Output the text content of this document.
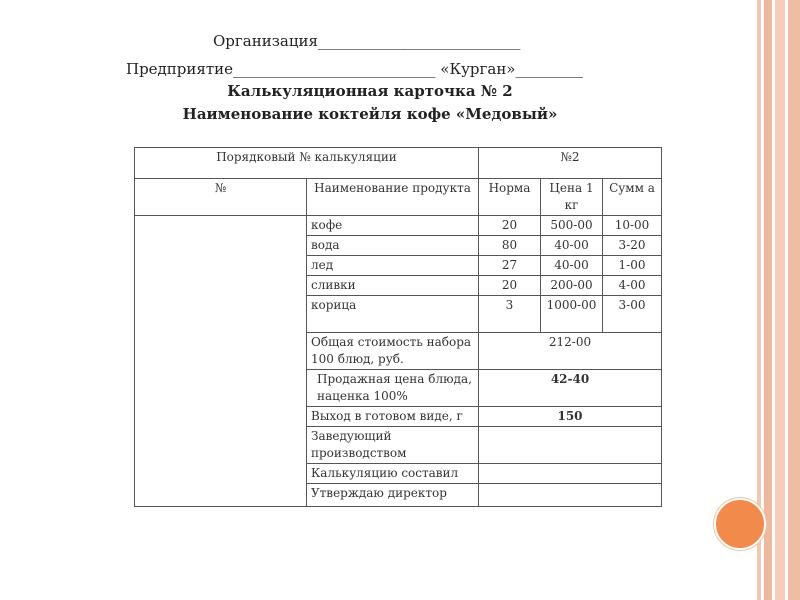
Организация___________________________
Предприятие___________________________ «Курган»_________
Калькуляционная карточка № 2
Наименование коктейля кофе «Медовый»
Порядковый № калькуляции		№2		
№	Наименование продукта	Норма	Цена 1 кг	Сумм а
	кофе	20	500-00	10-00
	вода	80	40-00	3-20
	лед	27	40-00	1-00
	сливки	20	200-00	4-00
	корица	3	1000-00	3-00
	Общая стоимость набора 100 блюд, руб.	212-00		
	Продажная цена блюда, наценка 100%	42-40		
	Выход в готовом виде, г	150		
	Заведующий производством			
	Калькуляцию составил			
	Утверждаю директор			
